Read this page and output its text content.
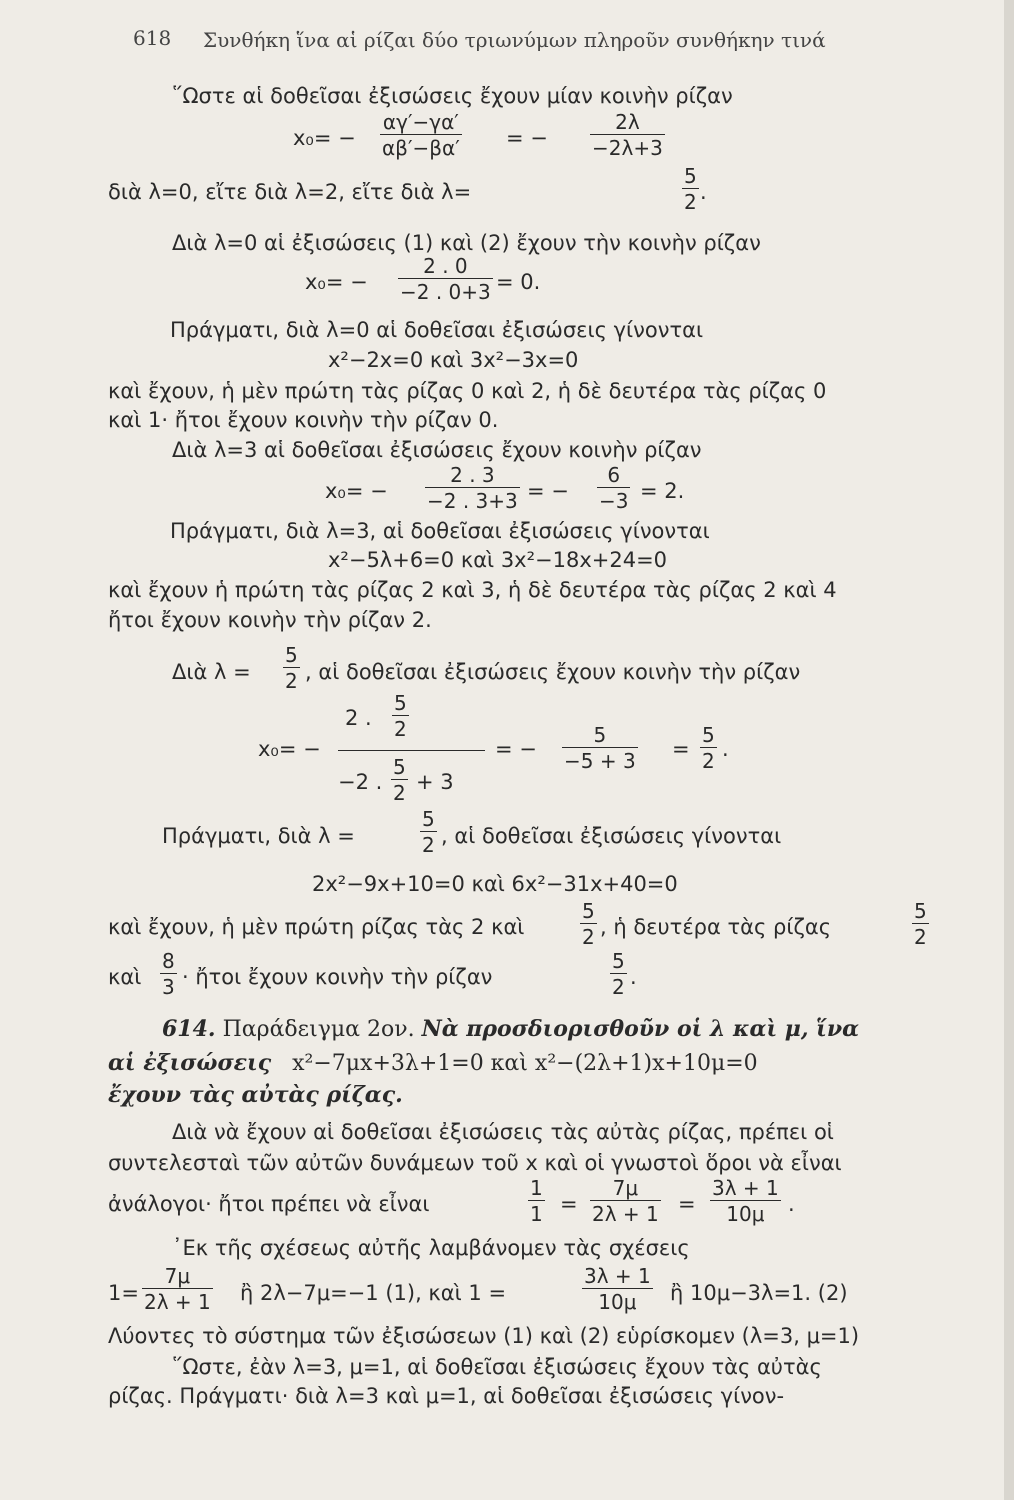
618 Συνθήκη ἵνα αἱ ρίζαι δύο τριωνύμων πληροῦν συνθήκην τινά
῞Ωστε αἱ δοθεῖσαι ἐξισώσεις ἔχουν μίαν κοινὴν ρίζαν
$x_0= - \frac{\alpha\gamma'-\gamma\alpha'}{\alpha\beta'-\beta\alpha'}$ = − $\frac{2\lambda}{-2\lambda+3}$
διὰ λ=0, εἴτε διὰ λ=2, εἴτε διὰ λ=	$\frac{5}{2}$ .
Διὰ λ=0 αἱ ἐξισώσεις (1) καὶ (2) ἔχουν τὴν κοινὴν ρίζαν
$x_0= - \frac{2 . 0}{-2 . 0+3} = 0$.
Πράγματι, διὰ λ=0 αἱ δοθεῖσαι ἐξισώσεις γίνονται
x²−2x=0 καὶ 3x²−3x=0
καὶ ἔχουν, ἡ μὲν πρώτη τὰς ρίζας 0 καὶ 2, ἡ δὲ δευτέρα τὰς ρίζας 0
καὶ 1· ἤτοι ἔχουν κοινὴν τὴν ρίζαν 0.
Διὰ λ=3 αἱ δοθεῖσαι ἐξισώσεις ἔχουν κοινὴν ρίζαν
$x_0= - \frac{2 . 3}{-2 . 3+3}$ = − $\frac{6}{-3} = 2$.
Πράγματι, διὰ λ=3, αἱ δοθεῖσαι ἐξισώσεις γίνονται
x²−5λ+6=0 καὶ 3x²−18x+24=0
καὶ ἔχουν ἡ πρώτη τὰς ρίζας 2 καὶ 3, ἡ δὲ δευτέρα τὰς ρίζας 2 καὶ 4
ἤτοι ἔχουν κοινὴν τὴν ρίζαν 2.
Διὰ $\lambda = \frac{5}{2}$ , αἱ δοθεῖσαι ἐξισώσεις ἔχουν κοινὴν τὴν ρίζαν
x₀= −
2 . $\frac{5}{2}$
−2 . $\frac{5}{2} + 3$
= − $\frac{5}{-5 + 3} = \frac{5}{2}$ .
Πράγματι, διὰ λ =	$\frac{5}{2}$ , αἱ δοθεῖσαι ἐξισώσεις γίνονται
2x²−9x+10=0 καὶ 6x²−31x+40=0
καὶ ἔχουν, ἡ μὲν πρώτη ρίζας τὰς 2 καὶ	$\frac{5}{2}$ , ἡ δευτέρα τὰς ρίζας	$\frac{5}{2}$
καὶ $\frac{8}{3}$ · ἤτοι ἔχουν κοινὴν τὴν ρίζαν	$\frac{5}{2}$ .
614. Παράδειγμα 2ον. Νὰ προσδιορισθοῦν οἱ λ καὶ μ, ἵνα
αἱ ἐξισώσεις x²−7μx+3λ+1=0 καὶ x²−(2λ+1)x+10μ=0
ἔχουν τὰς αὐτὰς ρίζας.
Διὰ νὰ ἔχουν αἱ δοθεῖσαι ἐξισώσεις τὰς αὐτὰς ρίζας, πρέπει οἱ
συντελεσταὶ τῶν αὐτῶν δυνάμεων τοῦ x καὶ οἱ γνωστοὶ ὅροι νὰ εἶναι
ἀνάλογοι· ἤτοι πρέπει νὰ εἶναι	$\frac{1}{1} = \frac{7\mu}{2\lambda + 1} = \frac{3\lambda + 1}{10\mu}$ .
᾽Εκ τῆς σχέσεως αὐτῆς λαμβάνομεν τὰς σχέσεις
$1= \frac{7\mu}{2\lambda + 1}$ ἢ 2λ−7μ=−1 (1), καὶ 1 =	$\frac{3\lambda + 1}{10\mu}$ ἢ 10μ−3λ=1. (2)
Λύοντες τὸ σύστημα τῶν ἐξισώσεων (1) καὶ (2) εὑρίσκομεν (λ=3, μ=1)
῞Ωστε, ἐὰν λ=3, μ=1, αἱ δοθεῖσαι ἐξισώσεις ἔχουν τὰς αὐτὰς
ρίζας. Πράγματι· διὰ λ=3 καὶ μ=1, αἱ δοθεῖσαι ἐξισώσεις γίνον-
